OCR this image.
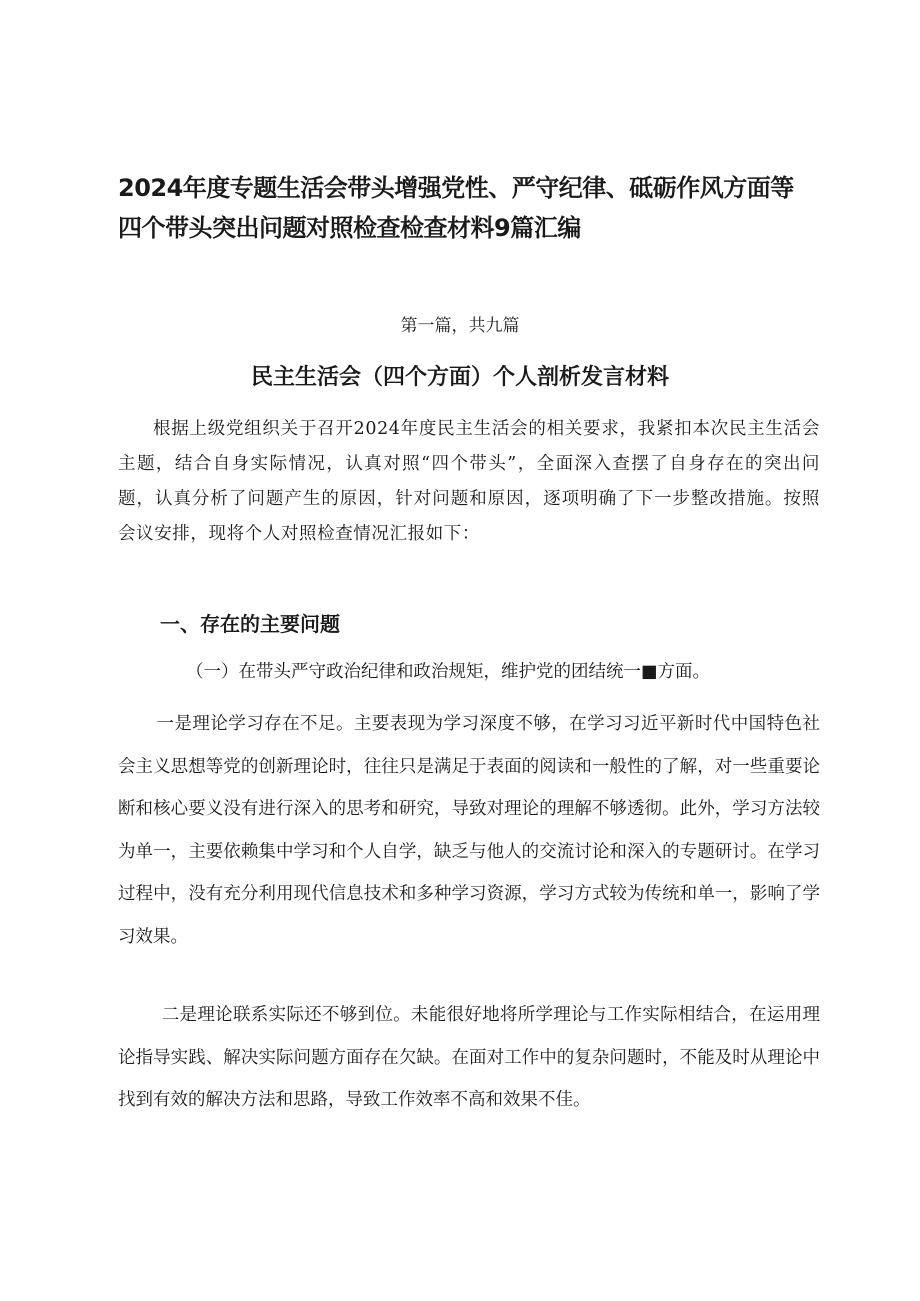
2024年度专题生活会带头增强党性、严守纪律、砥砺作风方面等
四个带头突出问题对照检查检查材料9篇汇编

第一篇，共九篇

民主生活会（四个方面）个人剖析发言材料

根据上级党组织关于召开2024年度民主生活会的相关要求，我紧扣本次民主生活会主题，结合自身实际情况，认真对照“四个带头”，全面深入查摆了自身存在的突出问题，认真分析了问题产生的原因，针对问题和原因，逐项明确了下一步整改措施。按照会议安排，现将个人对照检查情况汇报如下：

一、存在的主要问题

（一）在带头严守政治纪律和政治规矩，维护党的团结统一■方面。

一是理论学习存在不足。主要表现为学习深度不够，在学习习近平新时代中国特色社会主义思想等党的创新理论时，往往只是满足于表面的阅读和一般性的了解，对一些重要论断和核心要义没有进行深入的思考和研究，导致对理论的理解不够透彻。此外，学习方法较为单一，主要依赖集中学习和个人自学，缺乏与他人的交流讨论和深入的专题研讨。在学习过程中，没有充分利用现代信息技术和多种学习资源，学习方式较为传统和单一，影响了学习效果。

二是理论联系实际还不够到位。未能很好地将所学理论与工作实际相结合，在运用理论指导实践、解决实际问题方面存在欠缺。在面对工作中的复杂问题时，不能及时从理论中找到有效的解决方法和思路，导致工作效率不高和效果不佳。
